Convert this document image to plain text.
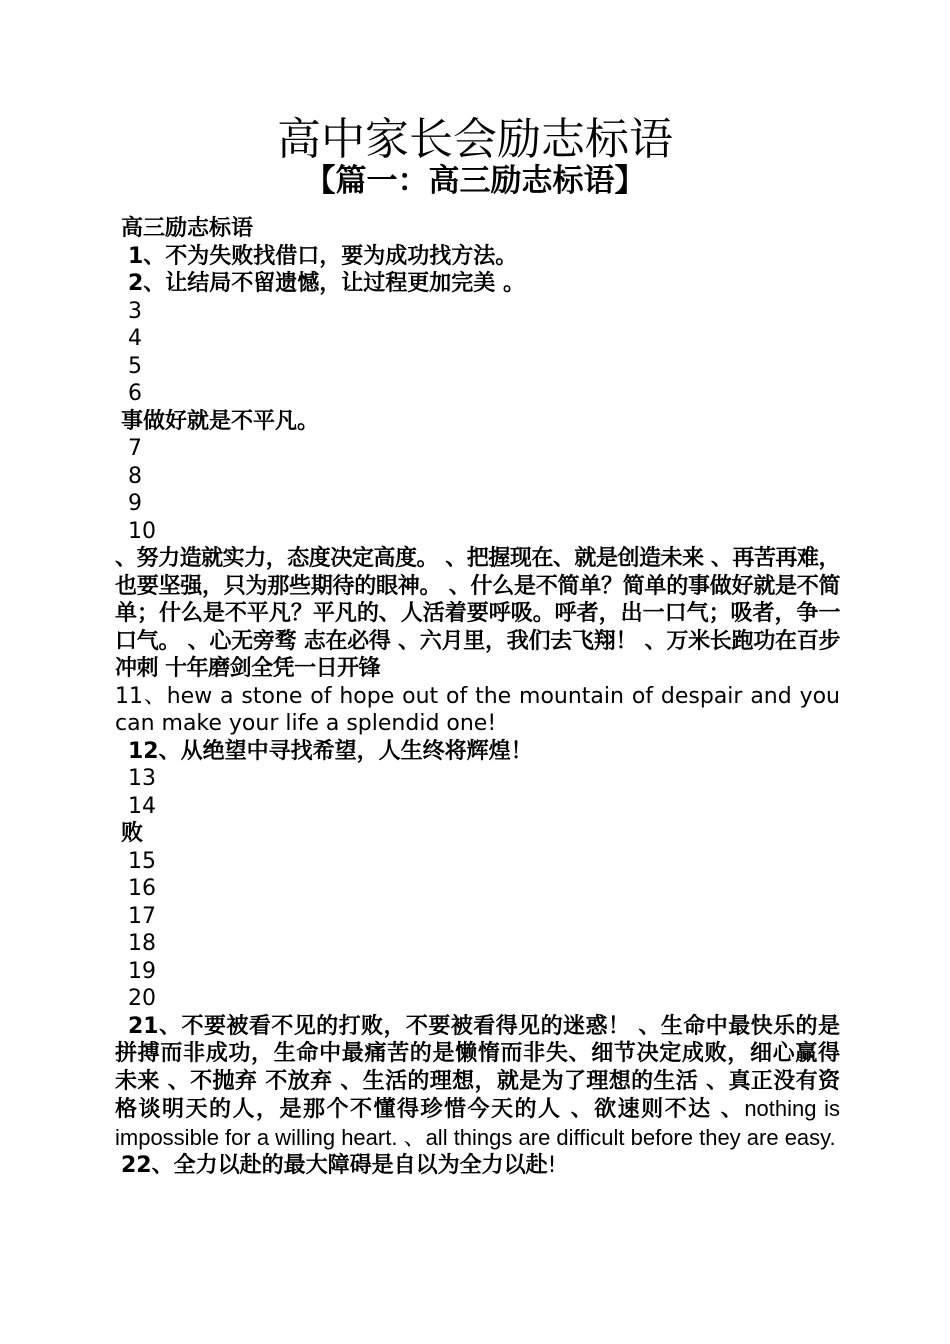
高中家长会励志标语
【篇一：高三励志标语】
高三励志标语
1、不为失败找借口，要为成功找方法。
2、让结局不留遗憾，让过程更加完美 。
3
4
5
6
事做好就是不平凡。
7
8
9
10
、努力造就实力，态度决定高度。 、把握现在、就是创造未来 、再苦再难，也要坚强，只为那些期待的眼神。 、什么是不简单？简单的事做好就是不简单；什么是不平凡？平凡的、人活着要呼吸。呼者，出一口气；吸者，争一口气。 、心无旁骛 志在必得 、六月里，我们去飞翔！ 、万米长跑功在百步冲刺 十年磨剑全凭一日开锋
11、hew a stone of hope out of the mountain of despair and you can make your life a splendid one!
12、从绝望中寻找希望，人生终将辉煌！
13
14
败
15
16
17
18
19
20
21、不要被看不见的打败，不要被看得见的迷惑！ 、生命中最快乐的是拼搏而非成功，生命中最痛苦的是懒惰而非失、细节决定成败，细心赢得未来 、不抛弃 不放弃 、生活的理想，就是为了理想的生活 、真正没有资格谈明天的人，是那个不懂得珍惜今天的人 、欲速则不达 、nothing is impossible for a willing heart. 、all things are difficult before they are easy.
22、全力以赴的最大障碍是自以为全力以赴!
